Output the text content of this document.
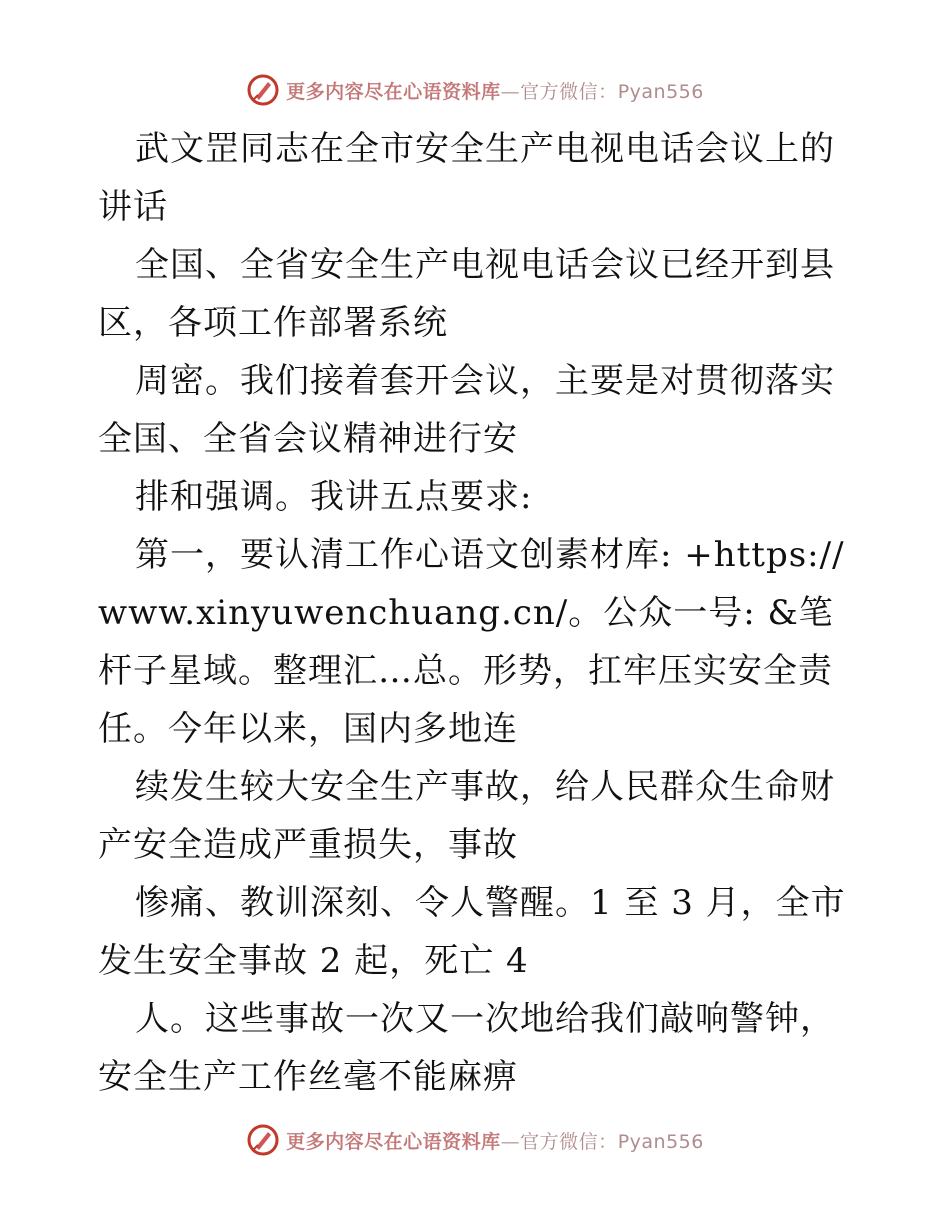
更多内容尽在心语资料库—官方微信：Pyan556

武文罡同志在全市安全生产电视电话会议上的讲话

全国、全省安全生产电视电话会议已经开到县区，各项工作部署系统

周密。我们接着套开会议，主要是对贯彻落实全国、全省会议精神进行安

排和强调。我讲五点要求:

第一，要认清工作心语文创素材库: +https://www.xinyuwenchuang.cn/。公众一号: &笔杆子星域。整理汇…总。形势，扛牢压实安全责任。今年以来，国内多地连

续发生较大安全生产事故，给人民群众生命财产安全造成严重损失，事故

惨痛、教训深刻、令人警醒。1 至 3 月，全市发生安全事故 2 起，死亡 4

人。这些事故一次又一次地给我们敲响警钟，安全生产工作丝毫不能麻痹

更多内容尽在心语资料库—官方微信：Pyan556
